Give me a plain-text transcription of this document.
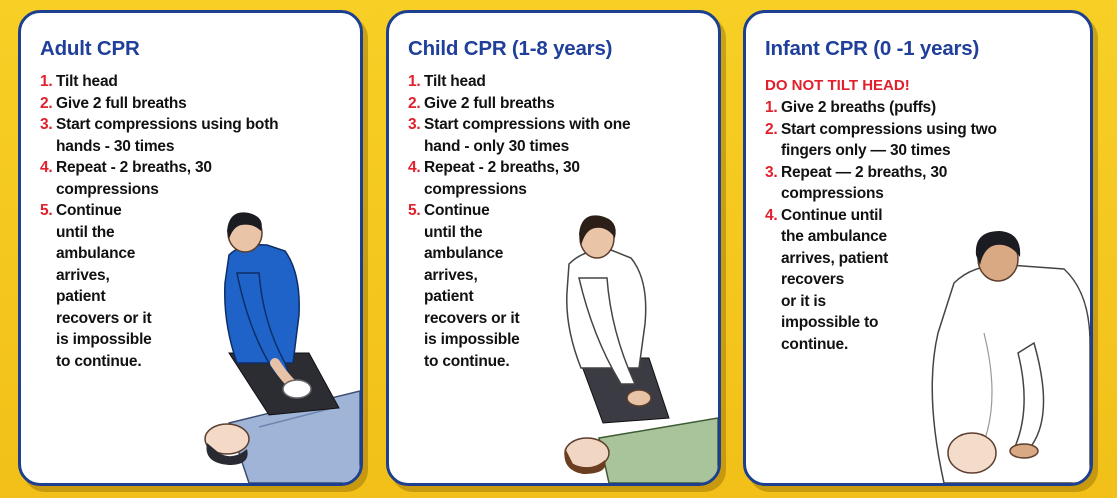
Adult CPR
1. Tilt head
2. Give 2 full breaths
3. Start compressions using both
hands - 30 times
4. Repeat - 2 breaths, 30
compressions
5. Continue
until the
ambulance
arrives,
patient
recovers or it
is impossible
to continue.
Child CPR (1-8 years)
1. Tilt head
2. Give 2 full breaths
3. Start compressions with one
hand - only 30 times
4. Repeat - 2 breaths, 30
compressions
5. Continue
until the
ambulance
arrives,
patient
recovers or it
is impossible
to continue.
Infant CPR (0 -1 years)
DO NOT TILT HEAD!
1. Give 2 breaths (puffs)
2. Start compressions using two
fingers only — 30 times
3. Repeat — 2 breaths, 30
compressions
4. Continue until
the ambulance
arrives, patient
recovers
or it is
impossible to
continue.
